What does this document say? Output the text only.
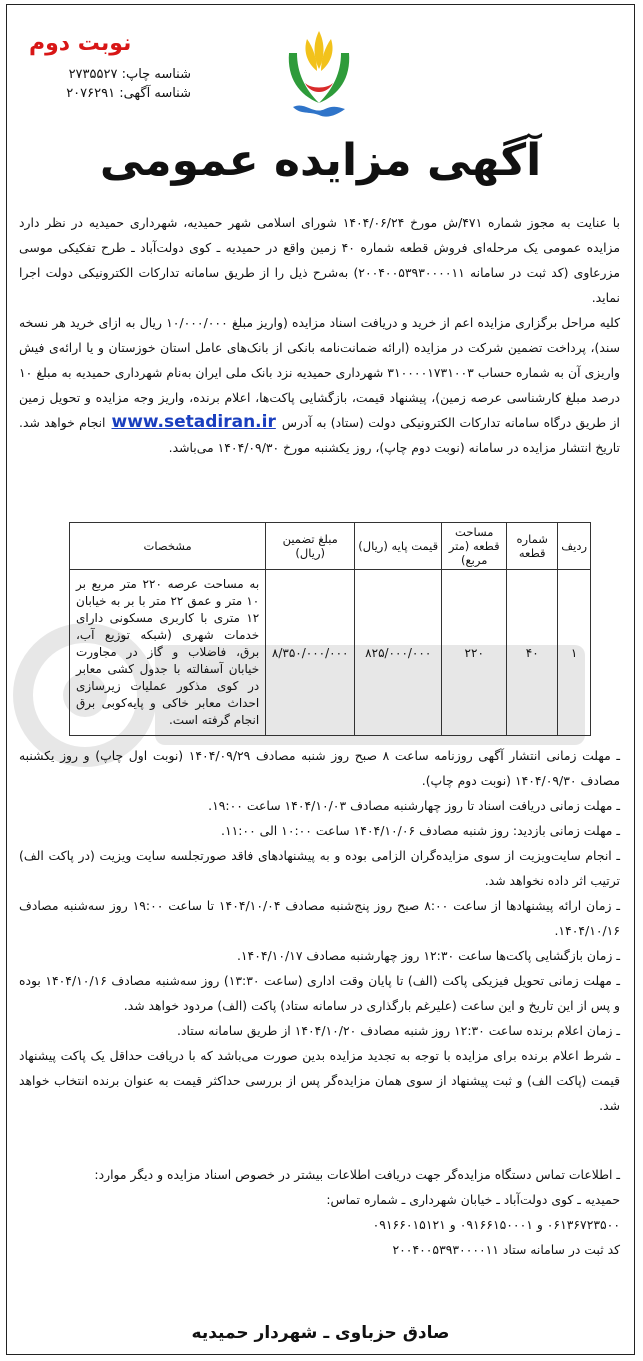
نوبت دوم
شناسه چاپ: ۲۷۳۵۵۲۷
شناسه آگهی: ۲۰۷۶۲۹۱
آگهی مزایده عمومی

با عنایت به مجوز شماره ۴۷۱/ش مورخ ۱۴۰۴/۰۶/۲۴ شورای اسلامی شهر حمیدیه، شهرداری حمیدیه در نظر دارد مزایده عمومی یک مرحله‌ای فروش قطعه شماره ۴۰ زمین واقع در حمیدیه ـ کوی دولت‌آباد ـ طرح تفکیکی موسی مزرعاوی (کد ثبت در سامانه ۲۰۰۴۰۰۵۳۹۳۰۰۰۰۱۱) به‌شرح ذیل را از طریق سامانه تدارکات الکترونیکی دولت اجرا نماید.

کلیه مراحل برگزاری مزایده اعم از خرید و دریافت اسناد مزایده (واریز مبلغ ۱۰/۰۰۰/۰۰۰ ریال به ازای خرید هر نسخه سند)، پرداخت تضمین شرکت در مزایده (ارائه ضمانت‌نامه بانکی از بانک‌های عامل استان خوزستان و یا ارائه‌ی فیش واریزی آن به شماره حساب ۳۱۰۰۰۰۱۷۳۱۰۰۳ شهرداری حمیدیه نزد بانک ملی ایران به‌نام شهرداری حمیدیه به مبلغ ۱۰ درصد مبلغ کارشناسی عرصه زمین)، پیشنهاد قیمت، بازگشایی پاکت‌ها، اعلام برنده، واریز وجه مزایده و تحویل زمین از طریق درگاه سامانه تدارکات الکترونیکی دولت (ستاد) به آدرسwww.setadiran.irانجام خواهد شد. تاریخ انتشار مزایده در سامانه (نوبت دوم چاپ)، روز یکشنبه مورخ ۱۴۰۴/۰۹/۳۰ می‌باشد.

ردیف	شماره قطعه	مساحت قطعه (متر مربع)	قیمت پایه (ریال)	مبلغ تضمین (ریال)	مشخصات
۱	۴۰	۲۲۰	۸۲۵/۰۰۰/۰۰۰	۸/۳۵۰/۰۰۰/۰۰۰	به مساحت عرصه ۲۲۰ متر مربع بر ۱۰ متر و عمق ۲۲ متر با بر به خیابان ۱۲ متری با کاربری مسکونی دارای خدمات شهری (شبکه توزیع آب، برق، فاضلاب و گاز در مجاورت خیابان آسفالته با جدول کشی معابر در کوی مذکور عملیات زیرسازی احداث معابر خاکی و پایه‌کوبی برق انجام گرفته است.

ـ مهلت زمانی انتشار آگهی روزنامه ساعت ۸ صبح روز شنبه مصادف ۱۴۰۴/۰۹/۲۹ (نوبت اول چاپ) و روز یکشنبه مصادف ۱۴۰۴/۰۹/۳۰ (نوبت دوم چاپ).

ـ مهلت زمانی دریافت اسناد تا روز چهارشنبه مصادف ۱۴۰۴/۱۰/۰۳ ساعت ۱۹:۰۰.

ـ مهلت زمانی بازدید: روز شنبه مصادف ۱۴۰۴/۱۰/۰۶ ساعت ۱۰:۰۰ الی ۱۱:۰۰.

ـ انجام سایت‌ویزیت از سوی مزایده‌گران الزامی بوده و به پیشنهادهای فاقد صورتجلسه سایت ویزیت (در پاکت الف) ترتیب اثر داده نخواهد شد.

ـ زمان ارائه پیشنهادها از ساعت ۸:۰۰ صبح روز پنج‌شنبه مصادف ۱۴۰۴/۱۰/۰۴ تا ساعت ۱۹:۰۰ روز سه‌شنبه مصادف ۱۴۰۴/۱۰/۱۶.

ـ زمان بازگشایی پاکت‌ها ساعت ۱۲:۳۰ روز چهارشنبه مصادف ۱۴۰۴/۱۰/۱۷.

ـ مهلت زمانی تحویل فیزیکی پاکت (الف) تا پایان وقت اداری (ساعت ۱۳:۳۰) روز سه‌شنبه مصادف ۱۴۰۴/۱۰/۱۶ بوده و پس از این تاریخ و این ساعت (علیرغم بارگذاری در سامانه ستاد) پاکت (الف) مردود خواهد شد.

ـ زمان اعلام برنده ساعت ۱۲:۳۰ روز شنبه مصادف ۱۴۰۴/۱۰/۲۰ از طریق سامانه ستاد.

ـ شرط اعلام برنده برای مزایده با توجه به تجدید مزایده بدین صورت می‌باشد که با دریافت حداقل یک پاکت پیشنهاد قیمت (پاکت الف) و ثبت پیشنهاد از سوی همان مزایده‌گر پس از بررسی حداکثر قیمت به عنوان برنده انتخاب خواهد شد.

ـ اطلاعات تماس دستگاه مزایده‌گر جهت دریافت اطلاعات بیشتر در خصوص اسناد مزایده و دیگر موارد:

حمیدیه ـ کوی دولت‌آباد ـ خیابان شهرداری ـ شماره تماس:

۰۶۱۳۶۷۲۳۵۰۰ و ۰۹۱۶۶۱۵۰۰۰۱ و ۰۹۱۶۶۰۱۵۱۲۱

کد ثبت در سامانه ستاد ۲۰۰۴۰۰۵۳۹۳۰۰۰۰۱۱

صادق حزباوی ـ شهردار حمیدیه
